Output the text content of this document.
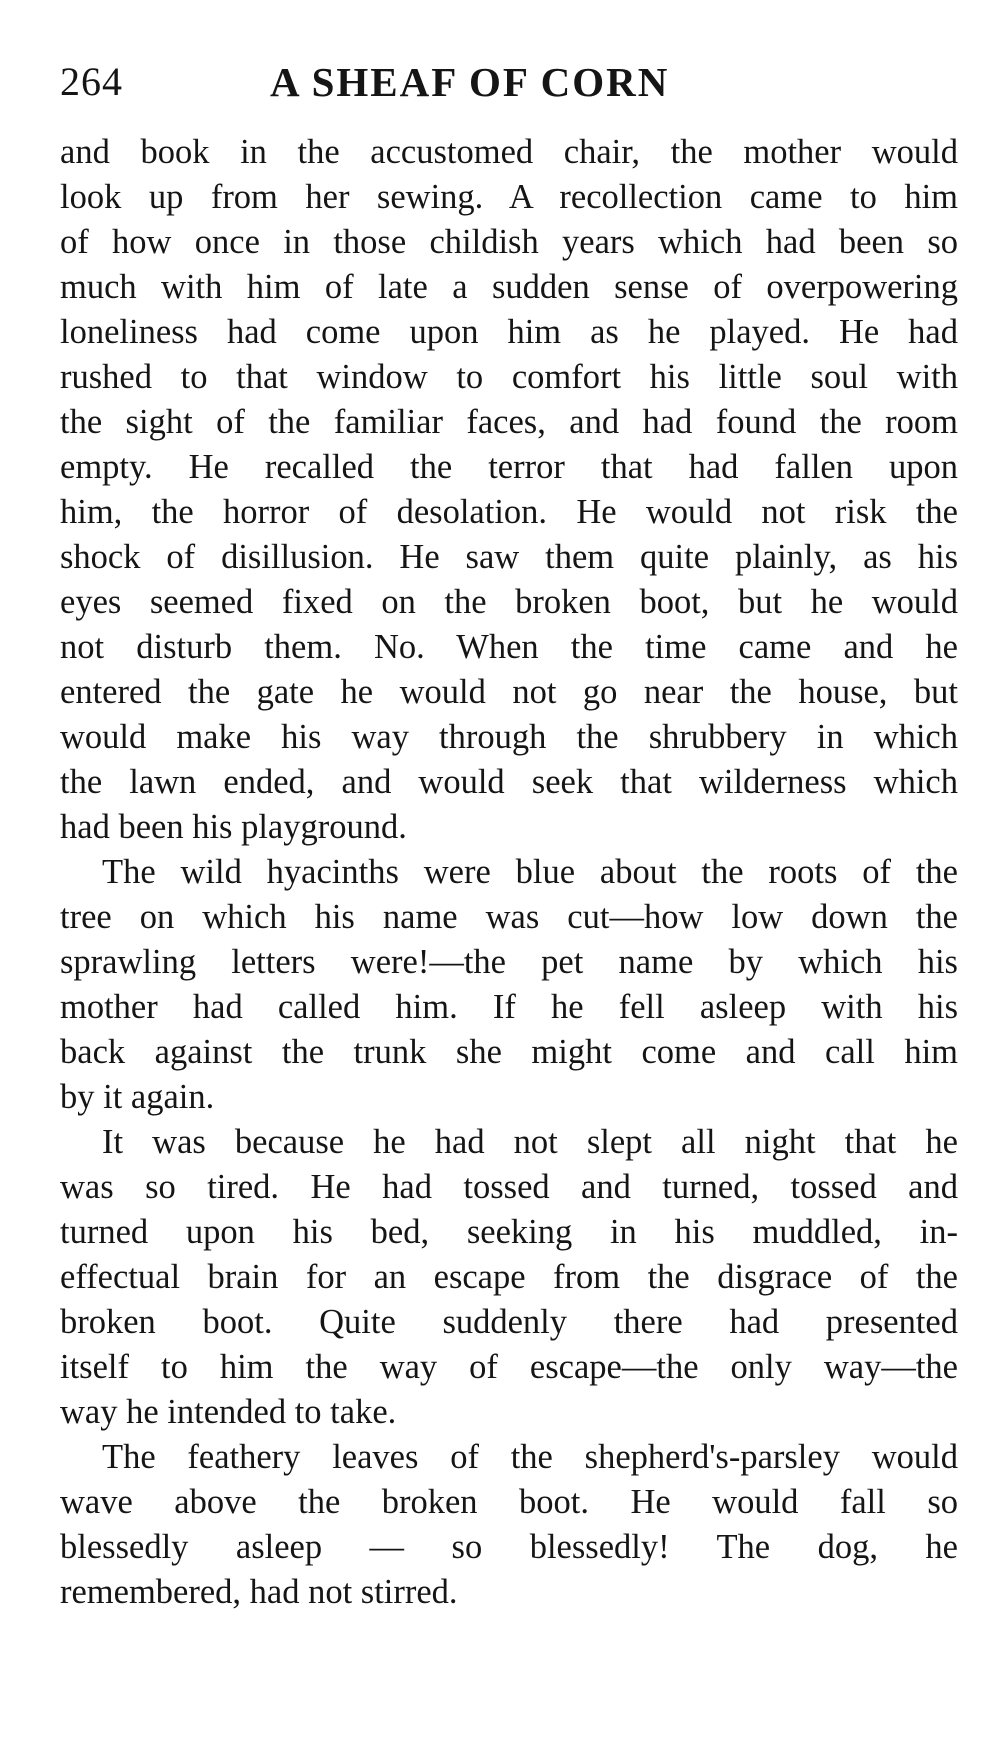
264	A SHEAF OF CORN
and book in the accustomed chair, the mother would
look up from her sewing. A recollection came to him
of how once in those childish years which had been so
much with him of late a sudden sense of overpowering
loneliness had come upon him as he played. He had
rushed to that window to comfort his little soul with
the sight of the familiar faces, and had found the room
empty. He recalled the terror that had fallen upon
him, the horror of desolation. He would not risk the
shock of disillusion. He saw them quite plainly, as his
eyes seemed fixed on the broken boot, but he would
not disturb them. No. When the time came and he
entered the gate he would not go near the house, but
would make his way through the shrubbery in which
the lawn ended, and would seek that wilderness which
had been his playground.
The wild hyacinths were blue about the roots of the
tree on which his name was cut—how low down the
sprawling letters were!—the pet name by which his
mother had called him. If he fell asleep with his
back against the trunk she might come and call him
by it again.
It was because he had not slept all night that he
was so tired. He had tossed and turned, tossed and
turned upon his bed, seeking in his muddled, in-
effectual brain for an escape from the disgrace of the
broken boot. Quite suddenly there had presented
itself to him the way of escape—the only way—the
way he intended to take.
The feathery leaves of the shepherd's-parsley would
wave above the broken boot. He would fall so
blessedly asleep — so blessedly! The dog, he
remembered, had not stirred.
